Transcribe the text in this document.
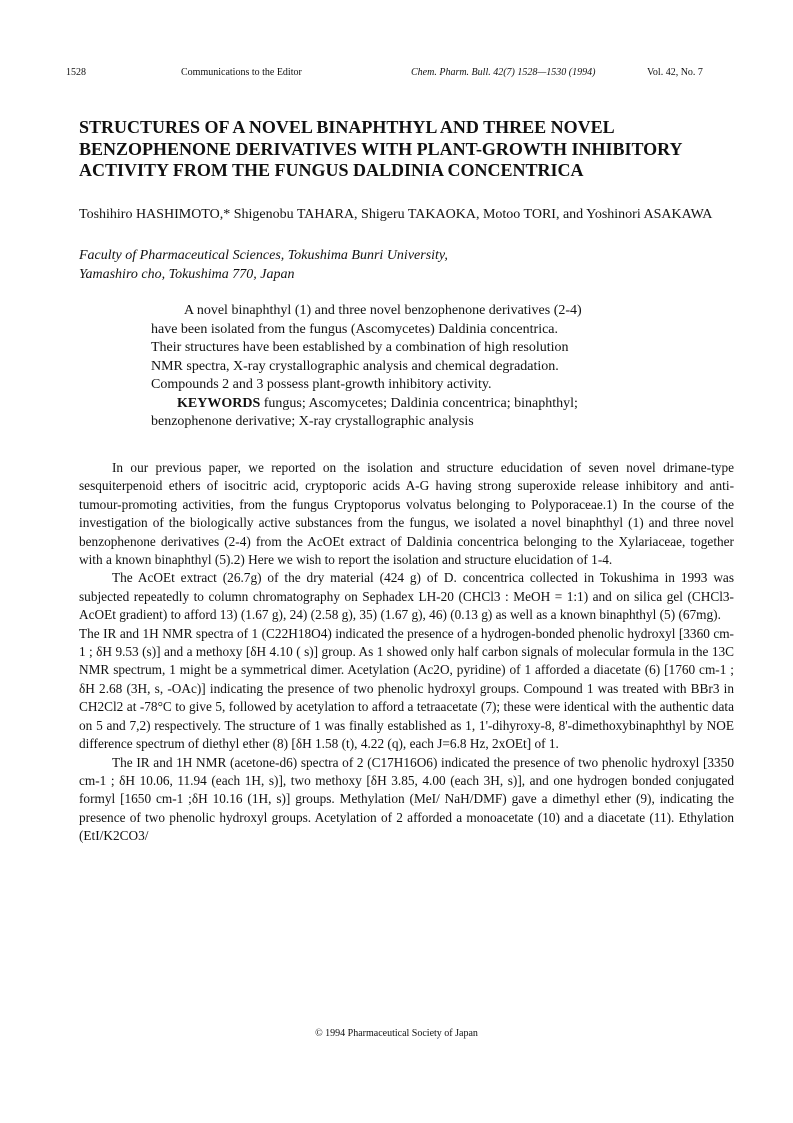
1528	Communications to the Editor	Chem. Pharm. Bull. 42(7) 1528—1530 (1994)	Vol. 42, No. 7
STRUCTURES OF A NOVEL BINAPHTHYL AND THREE NOVEL
BENZOPHENONE DERIVATIVES WITH PLANT-GROWTH INHIBITORY
ACTIVITY FROM THE FUNGUS DALDINIA CONCENTRICA
Toshihiro HASHIMOTO,* Shigenobu TAHARA, Shigeru TAKAOKA, Motoo TORI, and Yoshinori ASAKAWA
Faculty of Pharmaceutical Sciences, Tokushima Bunri University,
Yamashiro cho, Tokushima 770, Japan
A novel binaphthyl (1) and three novel benzophenone derivatives (2-4)
have been isolated from the fungus (Ascomycetes) Daldinia concentrica.
Their structures have been established by a combination of high resolution
NMR spectra, X-ray crystallographic analysis and chemical degradation.
Compounds 2 and 3 possess plant-growth inhibitory activity.
KEYWORDS fungus; Ascomycetes; Daldinia concentrica; binaphthyl;
benzophenone derivative; X-ray crystallographic analysis

In our previous paper, we reported on the isolation and structure educidation of seven novel drimane-type sesquiterpenoid ethers of isocitric acid, cryptoporic acids A-G having strong superoxide release inhibitory and anti-tumour-promoting activities, from the fungus Cryptoporus volvatus belonging to Polyporaceae.1) In the course of the investigation of the biologically active substances from the fungus, we isolated a novel binaphthyl (1) and three novel benzophenone derivatives (2-4) from the AcOEt extract of Daldinia concentrica belonging to the Xylariaceae, together with a known binaphthyl (5).2) Here we wish to report the isolation and structure elucidation of 1-4.

The AcOEt extract (26.7g) of the dry material (424 g) of D. concentrica collected in Tokushima in 1993 was subjected repeatedly to column chromatography on Sephadex LH-20 (CHCl3 : MeOH = 1:1) and on silica gel (CHCl3-AcOEt gradient) to afford 13) (1.67 g), 24) (2.58 g), 35) (1.67 g), 46) (0.13 g) as well as a known binaphthyl (5) (67mg).

The IR and 1H NMR spectra of 1 (C22H18O4) indicated the presence of a hydrogen-bonded phenolic hydroxyl [3360 cm-1 ; δH 9.53 (s)] and a methoxy [δH 4.10 ( s)] group. As 1 showed only half carbon signals of molecular formula in the 13C NMR spectrum, 1 might be a symmetrical dimer. Acetylation (Ac2O, pyridine) of 1 afforded a diacetate (6) [1760 cm-1 ; δH 2.68 (3H, s, -OAc)] indicating the presence of two phenolic hydroxyl groups. Compound 1 was treated with BBr3 in CH2Cl2 at -78°C to give 5, followed by acetylation to afford a tetraacetate (7); these were identical with the authentic data on 5 and 7,2) respectively. The structure of 1 was finally established as 1, 1'-dihyroxy-8, 8'-dimethoxybinaphthyl by NOE difference spectrum of diethyl ether (8) [δH 1.58 (t), 4.22 (q), each J=6.8 Hz, 2xOEt] of 1.

The IR and 1H NMR (acetone-d6) spectra of 2 (C17H16O6) indicated the presence of two phenolic hydroxyl [3350 cm-1 ; δH 10.06, 11.94 (each 1H, s)], two methoxy [δH 3.85, 4.00 (each 3H, s)], and one hydrogen bonded conjugated formyl [1650 cm-1 ;δH 10.16 (1H, s)] groups. Methylation (MeI/ NaH/DMF) gave a dimethyl ether (9), indicating the presence of two phenolic hydroxyl groups. Acetylation of 2 afforded a monoacetate (10) and a diacetate (11). Ethylation (EtI/K2CO3/

© 1994 Pharmaceutical Society of Japan
